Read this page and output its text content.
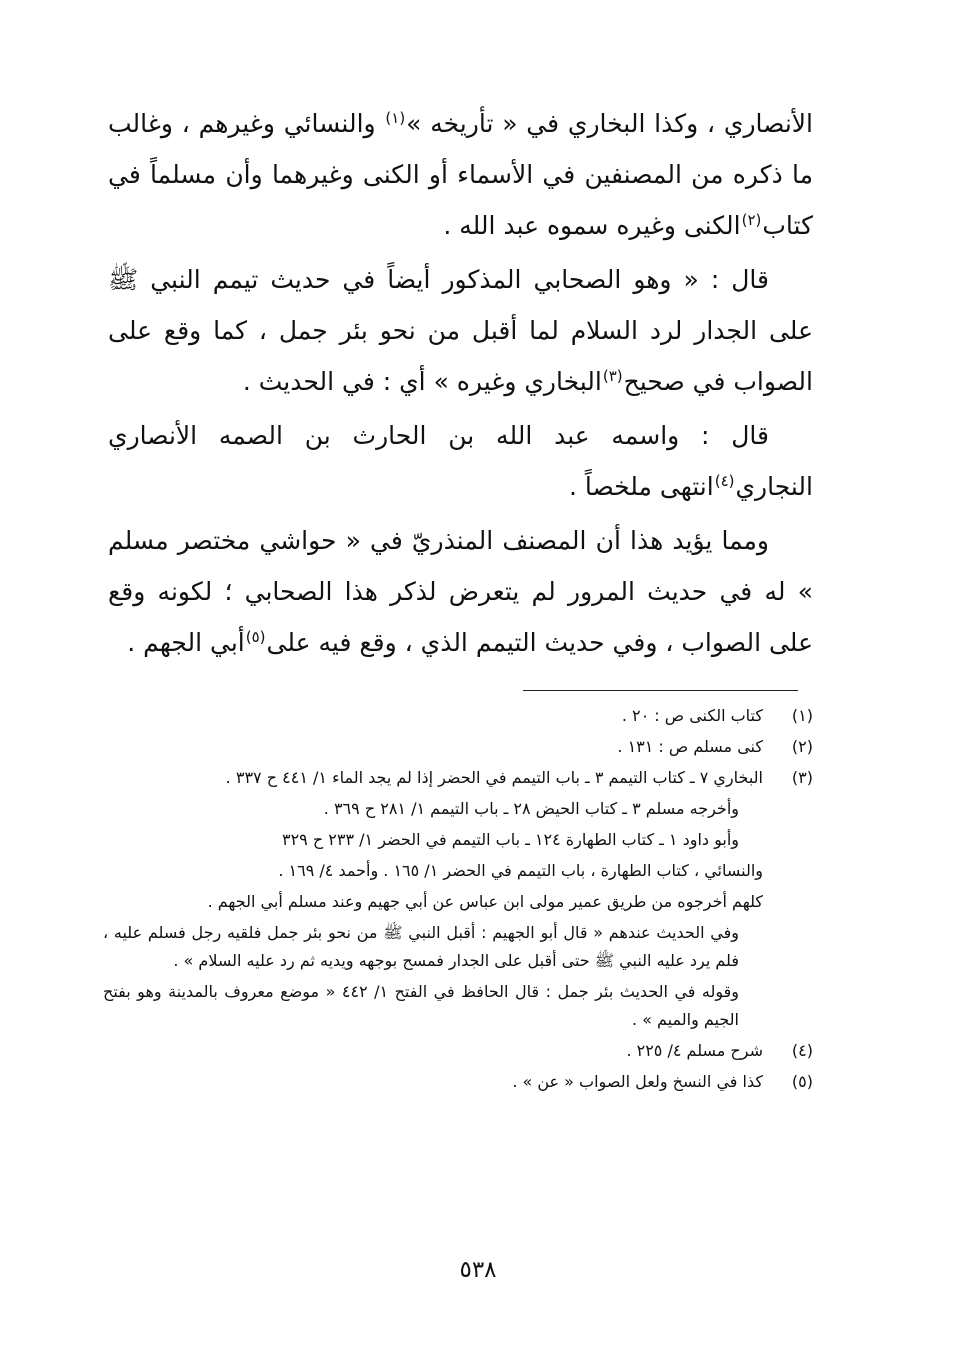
الأنصاري ، وكذا البخاري في « تأريخه »$^{(١)}$ والنسائي وغيرهم ، وغالب ما ذكره من المصنفين في الأسماء أو الكنى وغيرهما وأن مسلماً في كتاب$^{(٢)}$الكنى وغيره سموه عبد الله .

قال : « وهو الصحابي المذكور أيضاً في حديث تيمم النبي ﷺ على الجدار لرد السلام لما أقبل من نحو بئر جمل ، كما وقع على الصواب في صحيح$^{(٣)}$البخاري وغيره » أي : في الحديث .

قال : واسمه عبد الله بن الحارث بن الصمه الأنصاري النجاري$^{(٤)}$انتهى ملخصاً .

ومما يؤيد هذا أن المصنف المنذريّ في « حواشي مختصر مسلم » له في حديث المرور لم يتعرض لذكر هذا الصحابي ؛ لكونه وقع على الصواب ، وفي حديث التيمم الذي ، وقع فيه على$^{(٥)}$أبي الجهم .

(١)
كتاب الكنى ص : ٢٠ .
(٢)
كنى مسلم ص : ١٣١ .
(٣)
البخاري ٧ ـ كتاب التيمم ٣ ـ باب التيمم في الحضر إذا لم يجد الماء ١/ ٤٤١ ح ٣٣٧ .
وأخرجه مسلم ٣ ـ كتاب الحيض ٢٨ ـ باب التيمم ١/ ٢٨١ ح ٣٦٩ .
وأبو داود ١ ـ كتاب الطهارة ١٢٤ ـ باب التيمم في الحضر ١/ ٢٣٣ ح ٣٢٩
والنسائي ، كتاب الطهارة ، باب التيمم في الحضر ١/ ١٦٥ . وأحمد ٤/ ١٦٩ .
كلهم أخرجوه من طريق عمير مولى ابن عباس عن أبي جهيم وعند مسلم أبي الجهم .
وفي الحديث عندهم « قال أبو الجهيم : أقبل النبي ﷺ من نحو بئر جمل فلقيه رجل فسلم عليه ، فلم يرد عليه النبي ﷺ حتى أقبل على الجدار فمسح بوجهه ويديه ثم رد عليه السلام » .
وقوله في الحديث بئر جمل : قال الحافظ في الفتح ١/ ٤٤٢ « موضع معروف بالمدينة وهو بفتح الجيم والميم » .
(٤)
شرح مسلم ٤/ ٢٢٥ .
(٥)
كذا في النسخ ولعل الصواب « عن » .
٥٣٨
